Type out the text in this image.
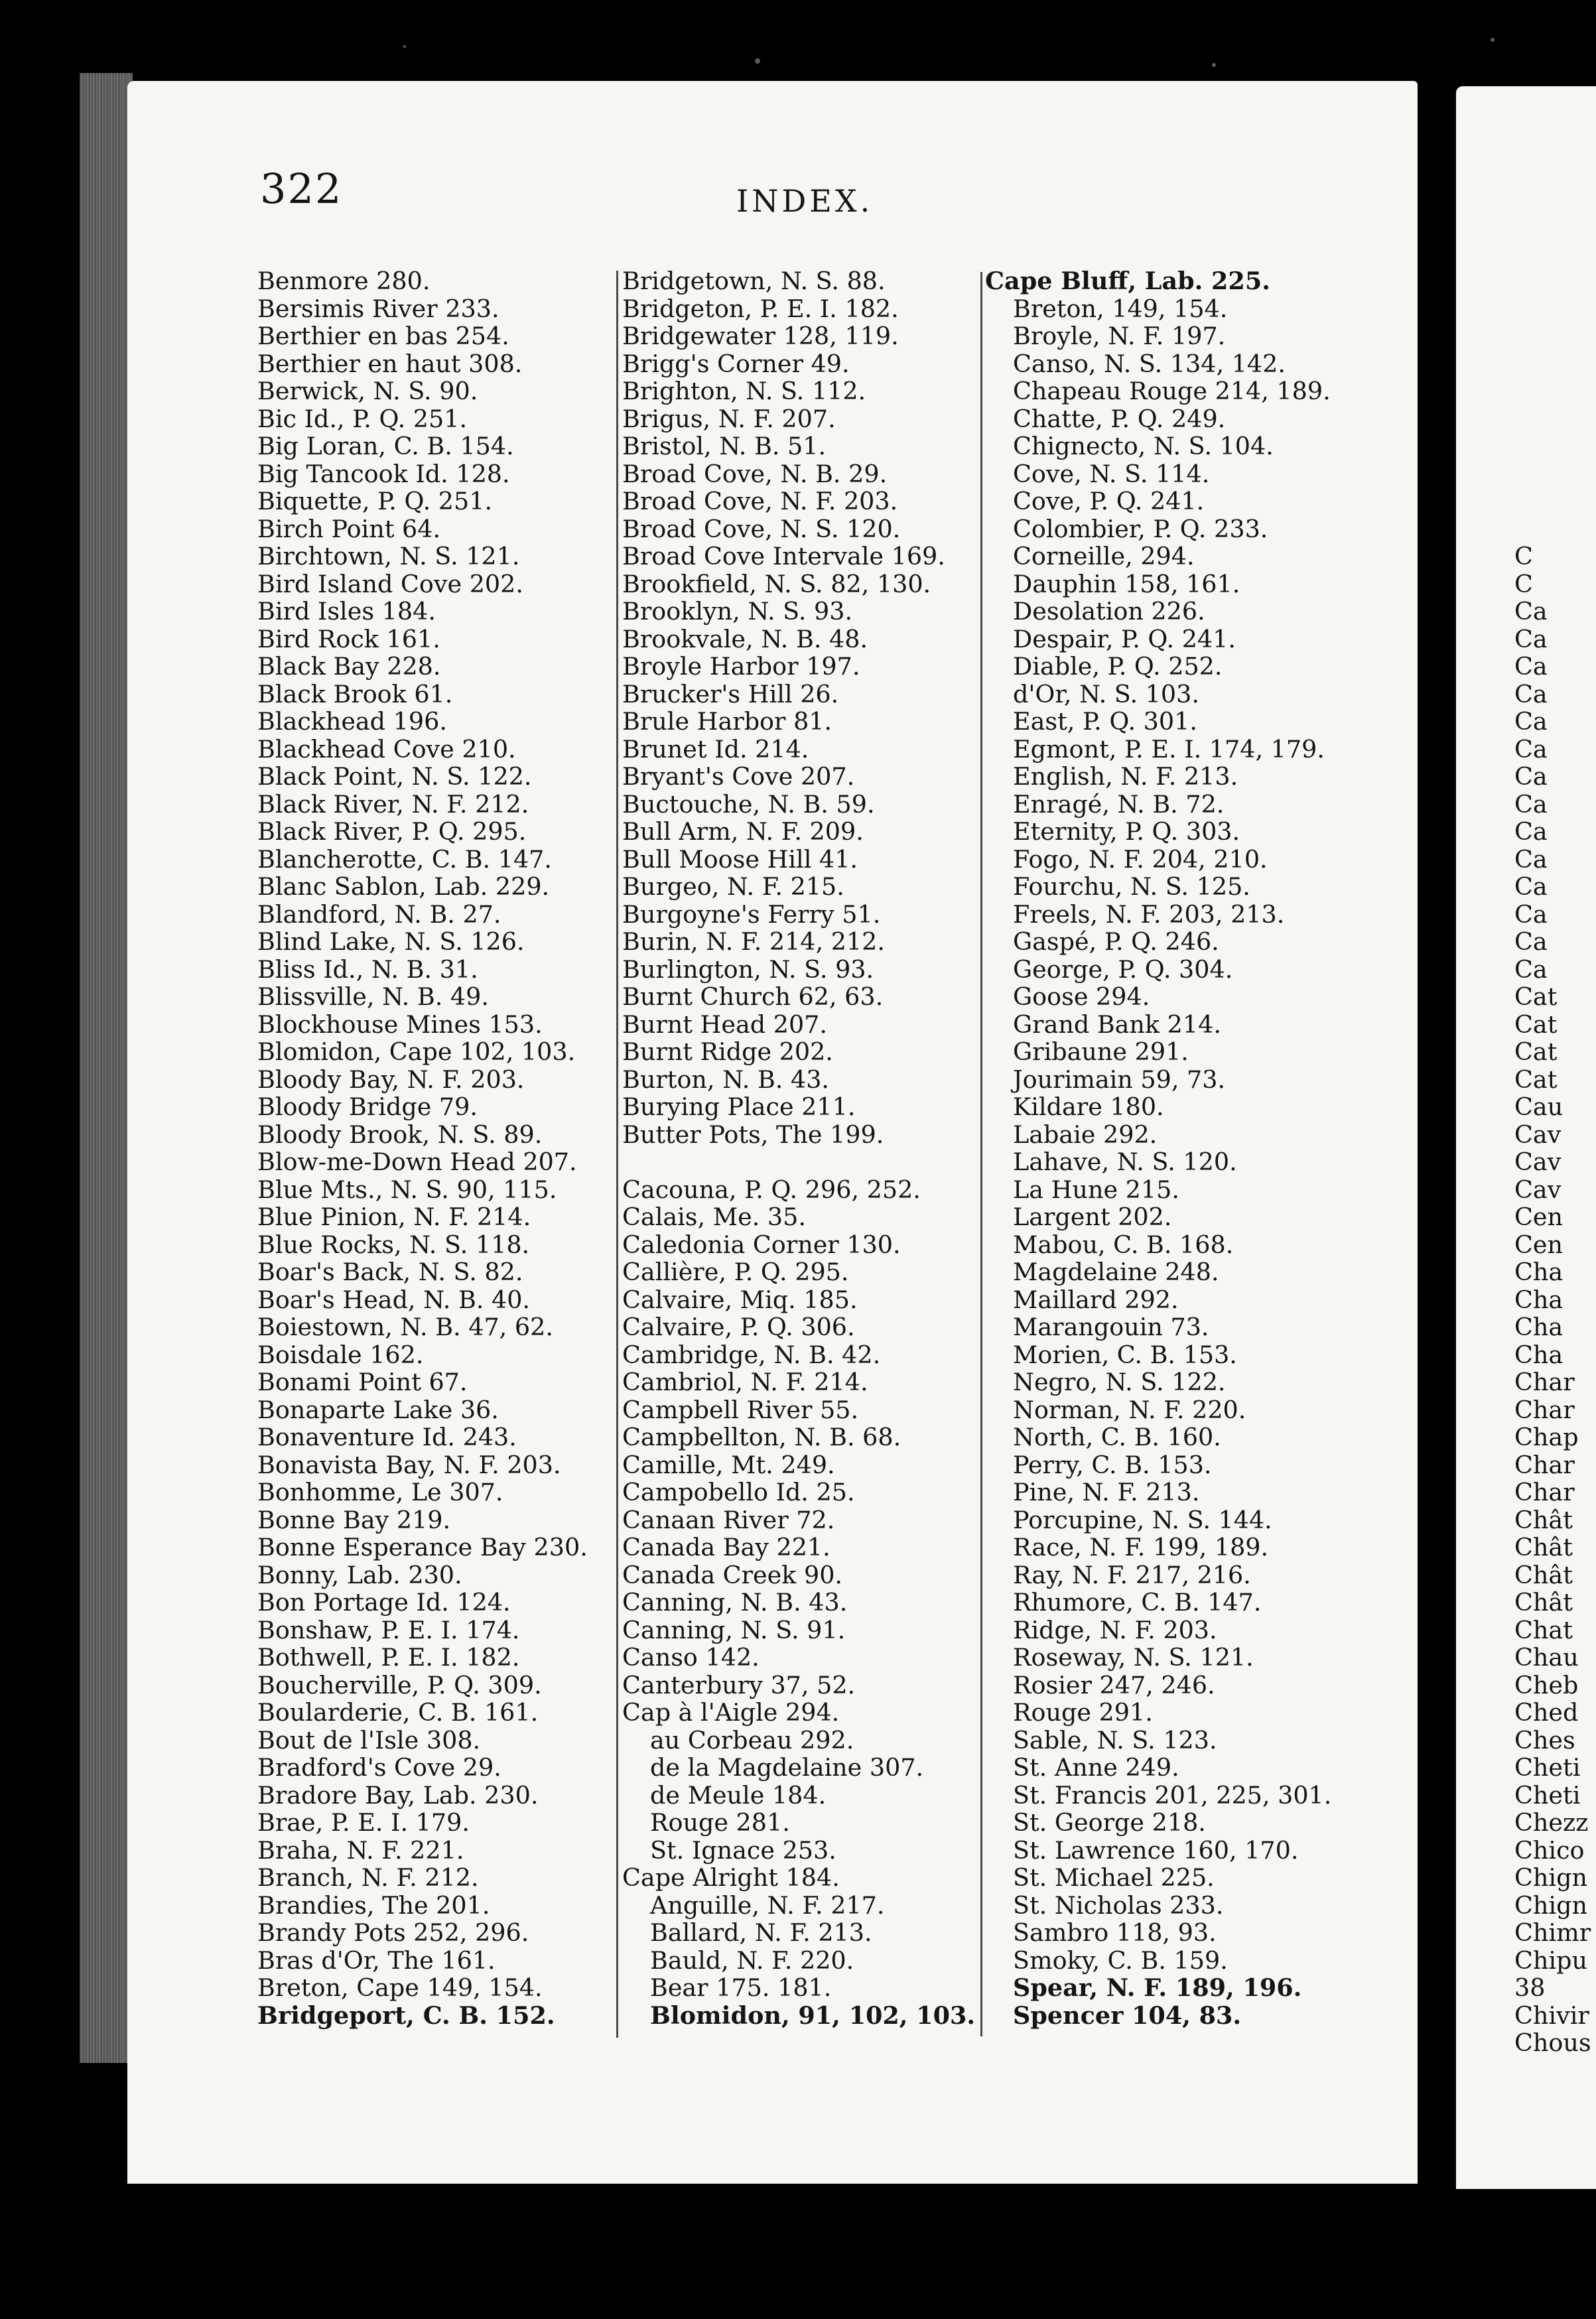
322	INDEX.
Benmore 280.
Bersimis River 233.
Berthier en bas 254.
Berthier en haut 308.
Berwick, N. S. 90.
Bic Id., P. Q. 251.
Big Loran, C. B. 154.
Big Tancook Id. 128.
Biquette, P. Q. 251.
Birch Point 64.
Birchtown, N. S. 121.
Bird Island Cove 202.
Bird Isles 184.
Bird Rock 161.
Black Bay 228.
Black Brook 61.
Blackhead 196.
Blackhead Cove 210.
Black Point, N. S. 122.
Black River, N. F. 212.
Black River, P. Q. 295.
Blancherotte, C. B. 147.
Blanc Sablon, Lab. 229.
Blandford, N. B. 27.
Blind Lake, N. S. 126.
Bliss Id., N. B. 31.
Blissville, N. B. 49.
Blockhouse Mines 153.
Blomidon, Cape 102, 103.
Bloody Bay, N. F. 203.
Bloody Bridge 79.
Bloody Brook, N. S. 89.
Blow-me-Down Head 207.
Blue Mts., N. S. 90, 115.
Blue Pinion, N. F. 214.
Blue Rocks, N. S. 118.
Boar's Back, N. S. 82.
Boar's Head, N. B. 40.
Boiestown, N. B. 47, 62.
Boisdale 162.
Bonami Point 67.
Bonaparte Lake 36.
Bonaventure Id. 243.
Bonavista Bay, N. F. 203.
Bonhomme, Le 307.
Bonne Bay 219.
Bonne Esperance Bay 230.
Bonny, Lab. 230.
Bon Portage Id. 124.
Bonshaw, P. E. I. 174.
Bothwell, P. E. I. 182.
Boucherville, P. Q. 309.
Boularderie, C. B. 161.
Bout de l'Isle 308.
Bradford's Cove 29.
Bradore Bay, Lab. 230.
Brae, P. E. I. 179.
Braha, N. F. 221.
Branch, N. F. 212.
Brandies, The 201.
Brandy Pots 252, 296.
Bras d'Or, The 161.
Breton, Cape 149, 154.
Bridgeport, C. B. 152.
Bridgetown, N. S. 88.
Bridgeton, P. E. I. 182.
Bridgewater 128, 119.
Brigg's Corner 49.
Brighton, N. S. 112.
Brigus, N. F. 207.
Bristol, N. B. 51.
Broad Cove, N. B. 29.
Broad Cove, N. F. 203.
Broad Cove, N. S. 120.
Broad Cove Intervale 169.
Brookfield, N. S. 82, 130.
Brooklyn, N. S. 93.
Brookvale, N. B. 48.
Broyle Harbor 197.
Brucker's Hill 26.
Brule Harbor 81.
Brunet Id. 214.
Bryant's Cove 207.
Buctouche, N. B. 59.
Bull Arm, N. F. 209.
Bull Moose Hill 41.
Burgeo, N. F. 215.
Burgoyne's Ferry 51.
Burin, N. F. 214, 212.
Burlington, N. S. 93.
Burnt Church 62, 63.
Burnt Head 207.
Burnt Ridge 202.
Burton, N. B. 43.
Burying Place 211.
Butter Pots, The 199.
Cacouna, P. Q. 296, 252.
Calais, Me. 35.
Caledonia Corner 130.
Callière, P. Q. 295.
Calvaire, Miq. 185.
Calvaire, P. Q. 306.
Cambridge, N. B. 42.
Cambriol, N. F. 214.
Campbell River 55.
Campbellton, N. B. 68.
Camille, Mt. 249.
Campobello Id. 25.
Canaan River 72.
Canada Bay 221.
Canada Creek 90.
Canning, N. B. 43.
Canning, N. S. 91.
Canso 142.
Canterbury 37, 52.
Cap à l'Aigle 294.
au Corbeau 292.
de la Magdelaine 307.
de Meule 184.
Rouge 281.
St. Ignace 253.
Cape Alright 184.
Anguille, N. F. 217.
Ballard, N. F. 213.
Bauld, N. F. 220.
Bear 175. 181.
Blomidon, 91, 102, 103.
Cape Bluff, Lab. 225.
Breton, 149, 154.
Broyle, N. F. 197.
Canso, N. S. 134, 142.
Chapeau Rouge 214, 189.
Chatte, P. Q. 249.
Chignecto, N. S. 104.
Cove, N. S. 114.
Cove, P. Q. 241.
Colombier, P. Q. 233.
Corneille, 294.
Dauphin 158, 161.
Desolation 226.
Despair, P. Q. 241.
Diable, P. Q. 252.
d'Or, N. S. 103.
East, P. Q. 301.
Egmont, P. E. I. 174, 179.
English, N. F. 213.
Enragé, N. B. 72.
Eternity, P. Q. 303.
Fogo, N. F. 204, 210.
Fourchu, N. S. 125.
Freels, N. F. 203, 213.
Gaspé, P. Q. 246.
George, P. Q. 304.
Goose 294.
Grand Bank 214.
Gribaune 291.
Jourimain 59, 73.
Kildare 180.
Labaie 292.
Lahave, N. S. 120.
La Hune 215.
Largent 202.
Mabou, C. B. 168.
Magdelaine 248.
Maillard 292.
Marangouin 73.
Morien, C. B. 153.
Negro, N. S. 122.
Norman, N. F. 220.
North, C. B. 160.
Perry, C. B. 153.
Pine, N. F. 213.
Porcupine, N. S. 144.
Race, N. F. 199, 189.
Ray, N. F. 217, 216.
Rhumore, C. B. 147.
Ridge, N. F. 203.
Roseway, N. S. 121.
Rosier 247, 246.
Rouge 291.
Sable, N. S. 123.
St. Anne 249.
St. Francis 201, 225, 301.
St. George 218.
St. Lawrence 160, 170.
St. Michael 225.
St. Nicholas 233.
Sambro 118, 93.
Smoky, C. B. 159.
Spear, N. F. 189, 196.
Spencer 104, 83.
C
C
Ca
Ca
Ca
Ca
Ca
Ca
Ca
Ca
Ca
Ca
Ca
Ca
Ca
Ca
Cat
Cat
Cat
Cat
Cau
Cav
Cav
Cav
Cen
Cen
Cha
Cha
Cha
Cha
Char
Char
Chap
Char
Char
Chât
Chât
Chât
Chât
Chat
Chau
Cheb
Ched
Ches
Cheti
Cheti
Chezz
Chico
Chign
Chign
Chimr
Chipu
38
Chivir
Chous
